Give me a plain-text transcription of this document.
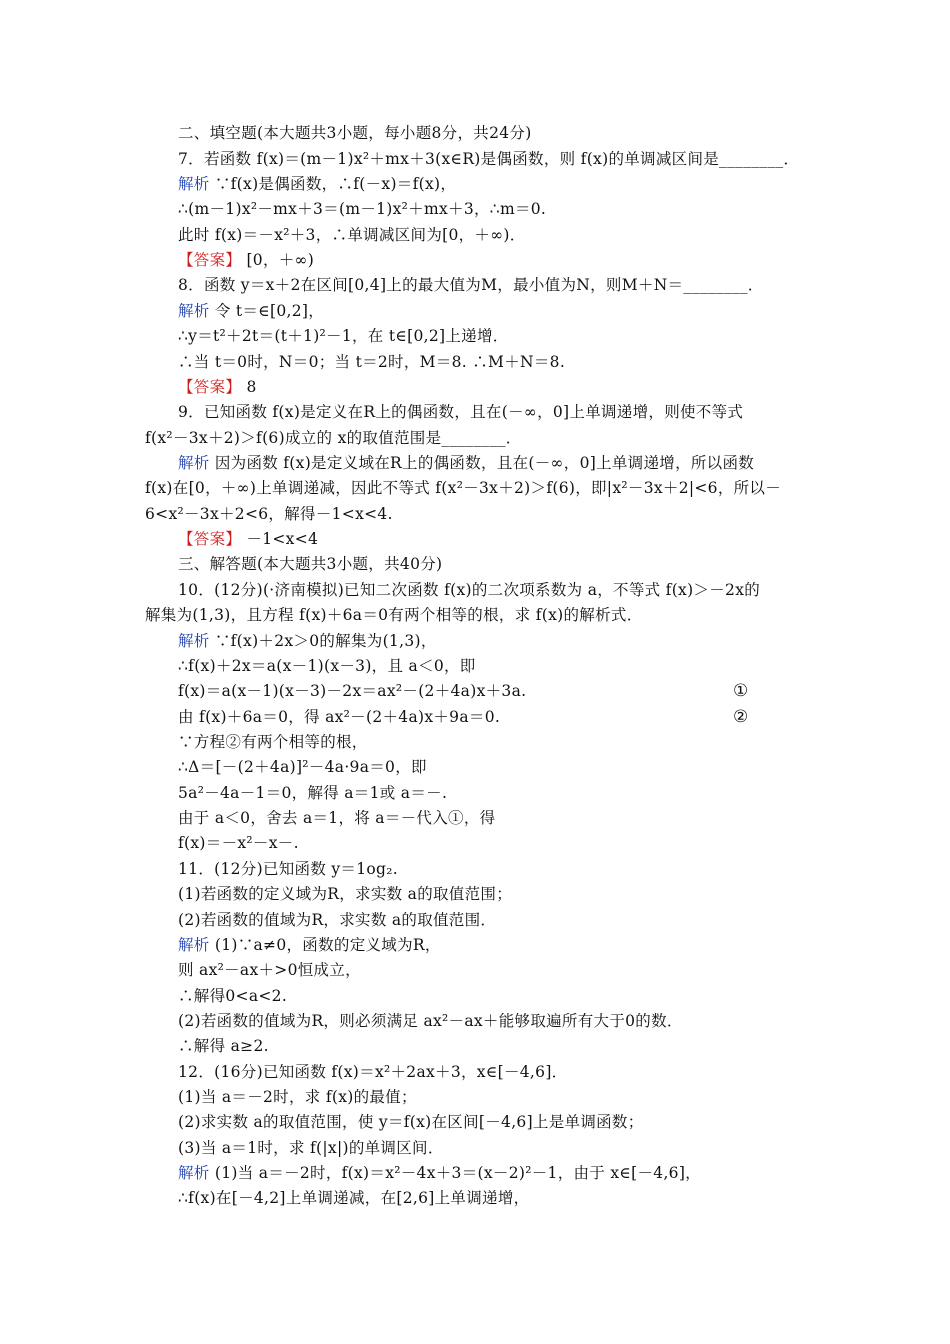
二、填空题(本大题共3小题，每小题8分，共24分)
7．若函数 f(x)＝(m－1)x²＋mx＋3(x∈R)是偶函数，则 f(x)的单调减区间是________．
解析 ∵f(x)是偶函数，∴f(－x)＝f(x)，
∴(m－1)x²－mx＋3＝(m－1)x²＋mx＋3，∴m＝0.
此时 f(x)＝－x²＋3，∴单调减区间为[0，＋∞)．
【答案】 [0，＋∞)
8．函数 y＝x＋2在区间[0,4]上的最大值为M，最小值为N，则M＋N＝________．
解析 令 t＝∈[0,2]，
∴y＝t²＋2t＝(t＋1)²－1，在 t∈[0,2]上递增．
∴当 t＝0时，N＝0；当 t＝2时，M＝8. ∴M＋N＝8.
【答案】 8
9．已知函数 f(x)是定义在R上的偶函数，且在(－∞，0]上单调递增，则使不等式
f(x²－3x＋2)＞f(6)成立的 x的取值范围是________．
解析 因为函数 f(x)是定义域在R上的偶函数，且在(－∞，0]上单调递增，所以函数
f(x)在[0，＋∞)上单调递减，因此不等式 f(x²－3x＋2)＞f(6)，即|x²－3x＋2|<6，所以－
6<x²－3x＋2<6，解得－1<x<4.
【答案】 －1<x<4
三、解答题(本大题共3小题，共40分)
10．(12分)(·济南模拟)已知二次函数 f(x)的二次项系数为 a，不等式 f(x)＞－2x的
解集为(1,3)，且方程 f(x)＋6a＝0有两个相等的根，求 f(x)的解析式．
解析 ∵f(x)＋2x＞0的解集为(1,3)，
∴f(x)＋2x＝a(x－1)(x－3)，且 a＜0，即
f(x)＝a(x－1)(x－3)－2x＝ax²－(2＋4a)x＋3a.
由 f(x)＋6a＝0，得 ax²－(2＋4a)x＋9a＝0.
∵方程②有两个相等的根，
∴Δ＝[－(2＋4a)]²－4a·9a＝0，即
5a²－4a－1＝0，解得 a＝1或 a＝－.
由于 a＜0，舍去 a＝1，将 a＝－代入①，得
f(x)＝－x²－x－.
11．(12分)已知函数 y＝1og₂.
(1)若函数的定义域为R，求实数 a的取值范围；
(2)若函数的值域为R，求实数 a的取值范围．
解析 (1)∵a≠0，函数的定义域为R，
则 ax²－ax＋>0恒成立，
∴解得0<a<2.
(2)若函数的值域为R，则必须满足 ax²－ax＋能够取遍所有大于0的数．
∴解得 a≥2.
12．(16分)已知函数 f(x)＝x²＋2ax＋3，x∈[－4,6]．
(1)当 a＝－2时，求 f(x)的最值；
(2)求实数 a的取值范围，使 y＝f(x)在区间[－4,6]上是单调函数；
(3)当 a＝1时，求 f(|x|)的单调区间．
解析 (1)当 a＝－2时，f(x)＝x²－4x＋3＝(x－2)²－1，由于 x∈[－4,6]，
∴f(x)在[－4,2]上单调递减，在[2,6]上单调递增，
①
②
